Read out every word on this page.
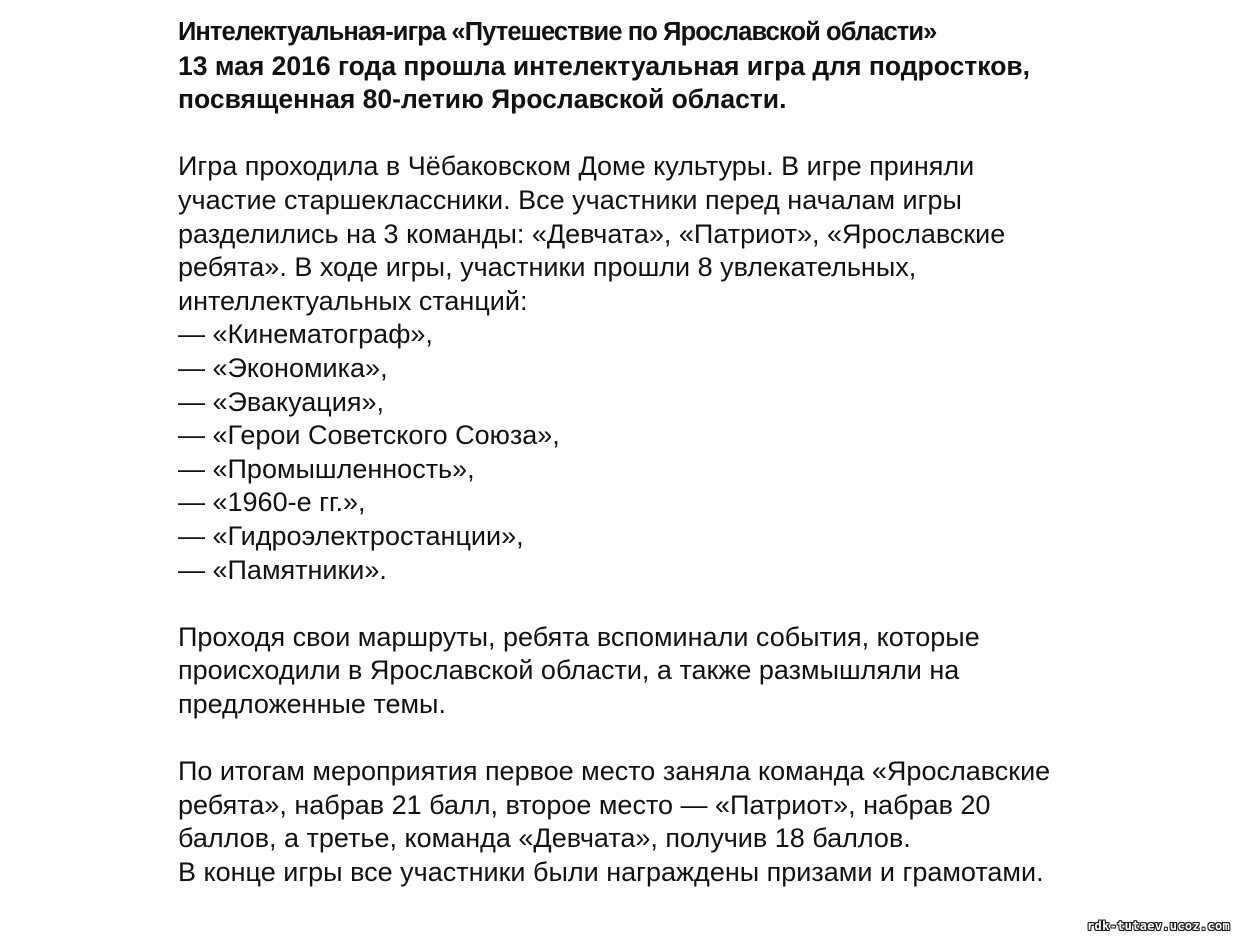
Интелектуальная-игра «Путешествие по Ярославской области»

13 мая 2016 года прошла интелектуальная игра для подростков,
посвященная 80-летию Ярославской области.

Игра проходила в Чёбаковском Доме культуры. В игре приняли
участие старшеклассники. Все участники перед началам игры
разделились на 3 команды: «Девчата», «Патриот», «Ярославские
ребята». В ходе игры, участники прошли 8 увлекательных,
интеллектуальных станций:

— «Кинематограф»,
— «Экономика»,
— «Эвакуация»,
— «Герои Советского Союза»,
— «Промышленность»,
— «1960-е гг.»,
— «Гидроэлектростанции»,
— «Памятники».

Проходя свои маршруты, ребята вспоминали события, которые
происходили в Ярославской области, а также размышляли на
предложенные темы.

По итогам мероприятия первое место заняла команда «Ярославские
ребята», набрав 21 балл, второе место — «Патриот», набрав 20
баллов, а третье, команда «Девчата», получив 18 баллов.
В конце игры все участники были награждены призами и грамотами.

rdk-tutaev.ucoz.com
